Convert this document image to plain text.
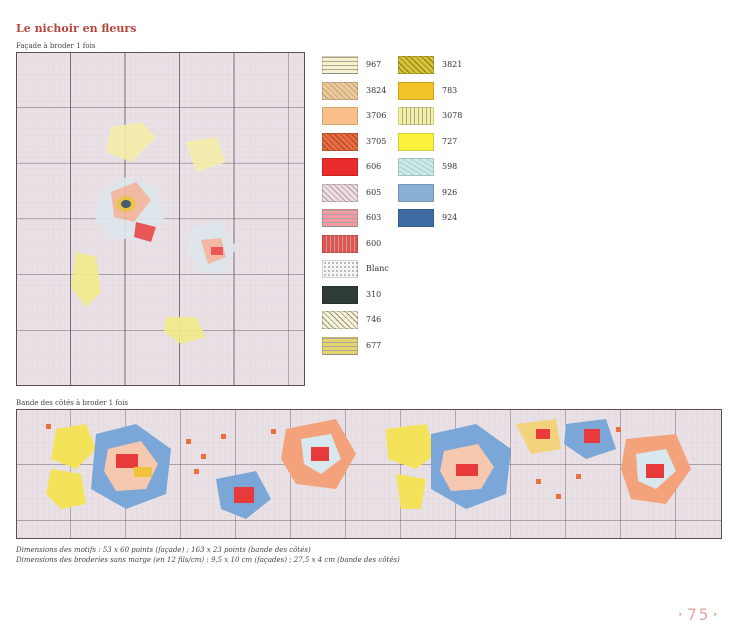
Le nichoir en fleurs
Façade à broder 1 fois
Bande des côtés à broder 1 fois
Dimensions des motifs : 53 x 60 points (façade) ; 163 x 23 points (bande des côtés)
Dimensions des broderies sans marge (en 12 fils/cm) : 9,5 x 10 cm (façades) ; 27,5 x 4 cm (bande des côtés)
·75·
967
3824
3706
3705
606
605
603
600
Blanc
310
746
677
3821
783
3078
727
598
926
924
